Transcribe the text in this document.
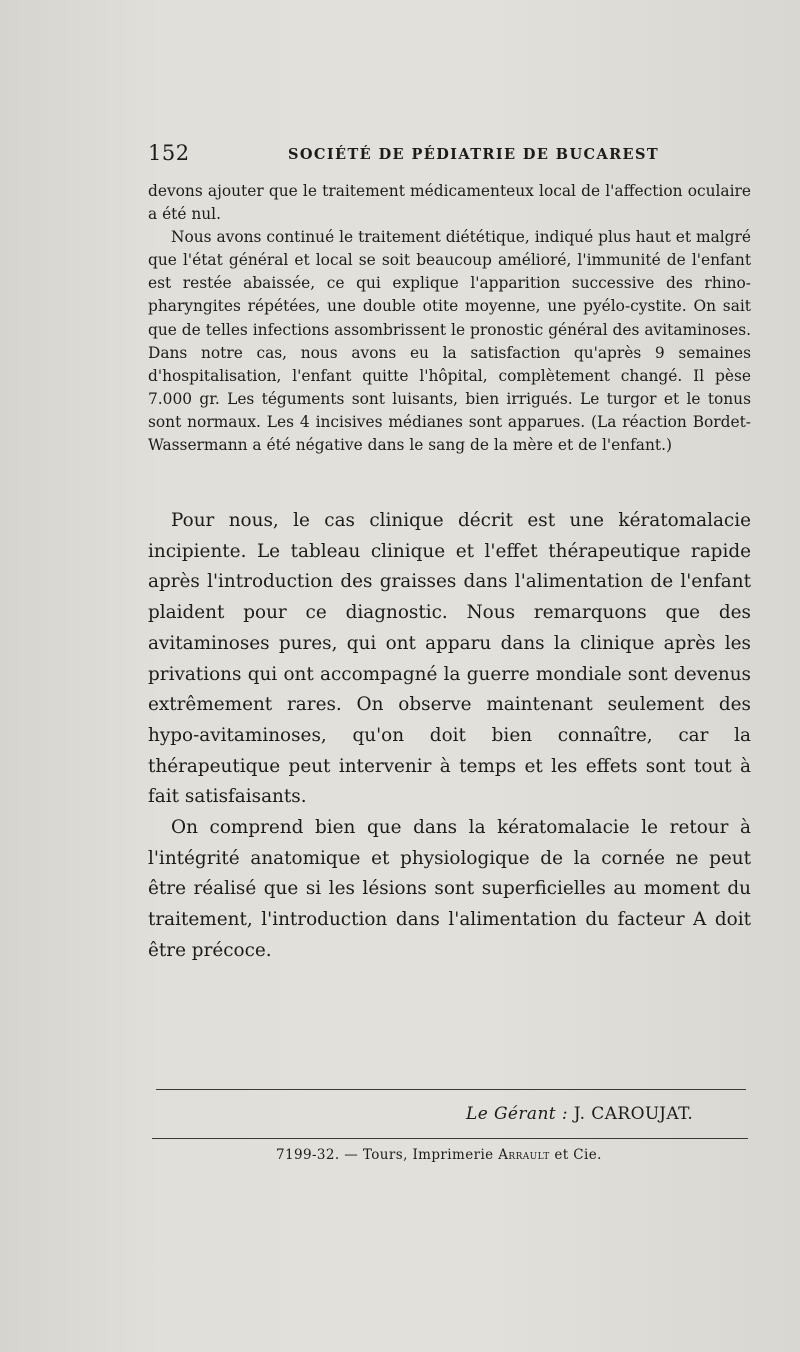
152	SOCIÉTÉ DE PÉDIATRIE DE BUCAREST

devons ajouter que le traitement médicamenteux local de l'affection oculaire a été nul.

Nous avons continué le traitement diététique, indiqué plus haut et malgré que l'état général et local se soit beaucoup amélioré, l'immunité de l'enfant est restée abaissée, ce qui explique l'apparition successive des rhino-pharyngites répétées, une double otite moyenne, une pyélo-cystite. On sait que de telles infections assombrissent le pronostic général des avitaminoses. Dans notre cas, nous avons eu la satisfaction qu'après 9 semaines d'hospitalisation, l'enfant quitte l'hôpital, complètement changé. Il pèse 7.000 gr. Les téguments sont luisants, bien irrigués. Le turgor et le tonus sont normaux. Les 4 incisives médianes sont apparues. (La réaction Bordet-Wassermann a été négative dans le sang de la mère et de l'enfant.)

Pour nous, le cas clinique décrit est une kératomalacie incipiente. Le tableau clinique et l'effet thérapeutique rapide après l'introduction des graisses dans l'alimentation de l'enfant plaident pour ce diagnostic. Nous remarquons que des avitaminoses pures, qui ont apparu dans la clinique après les privations qui ont accompagné la guerre mondiale sont devenus extrêmement rares. On observe maintenant seulement des hypo-avitaminoses, qu'on doit bien connaître, car la thérapeutique peut intervenir à temps et les effets sont tout à fait satisfaisants.

On comprend bien que dans la kératomalacie le retour à l'intégrité anatomique et physiologique de la cornée ne peut être réalisé que si les lésions sont superficielles au moment du traitement, l'introduction dans l'alimentation du facteur A doit être précoce.

Le Gérant : J. CAROUJAT.
7199-32. — Tours, Imprimerie Arrault et Cie.
